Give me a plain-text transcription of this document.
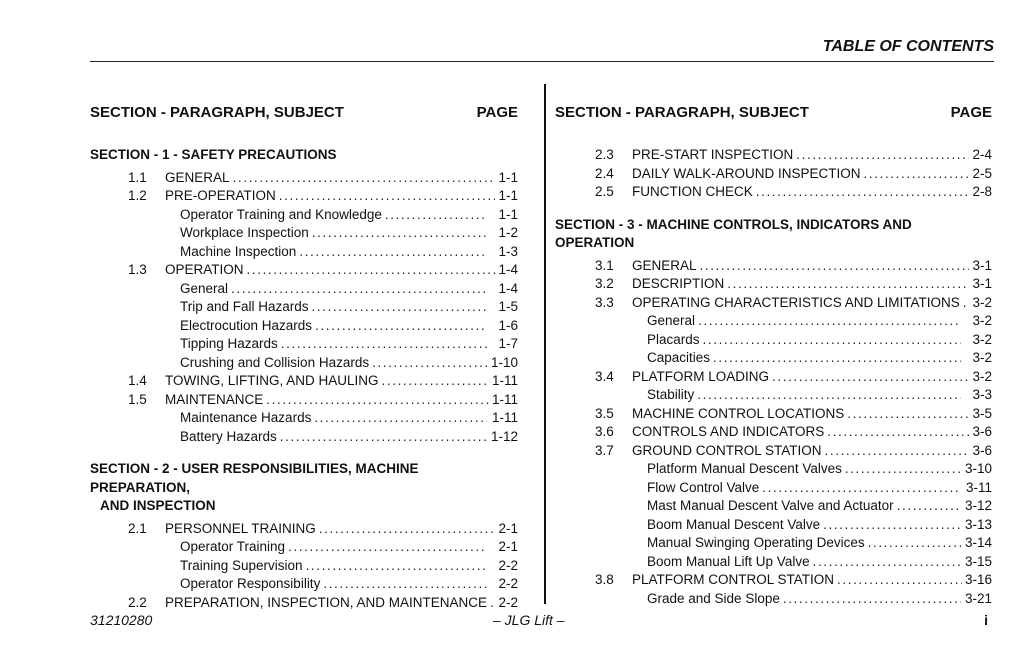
TABLE OF CONTENTS
SECTION - PARAGRAPH, SUBJECT	PAGE
SECTION - 1 - SAFETY PRECAUTIONS
1.1	GENERAL .....	1-1
1.2	PRE-OPERATION .....	1-1
Operator Training and Knowledge .....	1-1
Workplace Inspection .....	1-2
Machine Inspection .....	1-3
1.3	OPERATION .....	1-4
General .....	1-4
Trip and Fall Hazards .....	1-5
Electrocution Hazards .....	1-6
Tipping Hazards .....	1-7
Crushing and Collision Hazards .....	1-10
1.4	TOWING, LIFTING, AND HAULING .....	1-11
1.5	MAINTENANCE .....	1-11
Maintenance Hazards .....	1-11
Battery Hazards .....	1-12
SECTION - 2 - USER RESPONSIBILITIES, MACHINE PREPARATION,
AND INSPECTION
2.1	PERSONNEL TRAINING .....	2-1
Operator Training .....	2-1
Training Supervision .....	2-2
Operator Responsibility .....	2-2
2.2	PREPARATION, INSPECTION, AND MAINTENANCE ..... 2-2
SECTION - PARAGRAPH, SUBJECT	PAGE
2.3	PRE-START INSPECTION .....	2-4
2.4	DAILY WALK-AROUND INSPECTION .....	2-5
2.5	FUNCTION CHECK .....	2-8
SECTION - 3 - MACHINE CONTROLS, INDICATORS AND OPERATION
3.1	GENERAL .....	3-1
3.2	DESCRIPTION .....	3-1
3.3	OPERATING CHARACTERISTICS AND LIMITATIONS ..... 3-2
General .....	3-2
Placards .....	3-2
Capacities .....	3-2
3.4	PLATFORM LOADING .....	3-2
Stability .....	3-3
3.5	MACHINE CONTROL LOCATIONS .....	3-5
3.6	CONTROLS AND INDICATORS .....	3-6
3.7	GROUND CONTROL STATION .....	3-6
Platform Manual Descent Valves .....	3-10
Flow Control Valve .....	3-11
Mast Manual Descent Valve and Actuator .....	3-12
Boom Manual Descent Valve .....	3-13
Manual Swinging Operating Devices .....	3-14
Boom Manual Lift Up Valve .....	3-15
3.8	PLATFORM CONTROL STATION .....	3-16
Grade and Side Slope .....	3-21
31210280	– JLG Lift –	i
